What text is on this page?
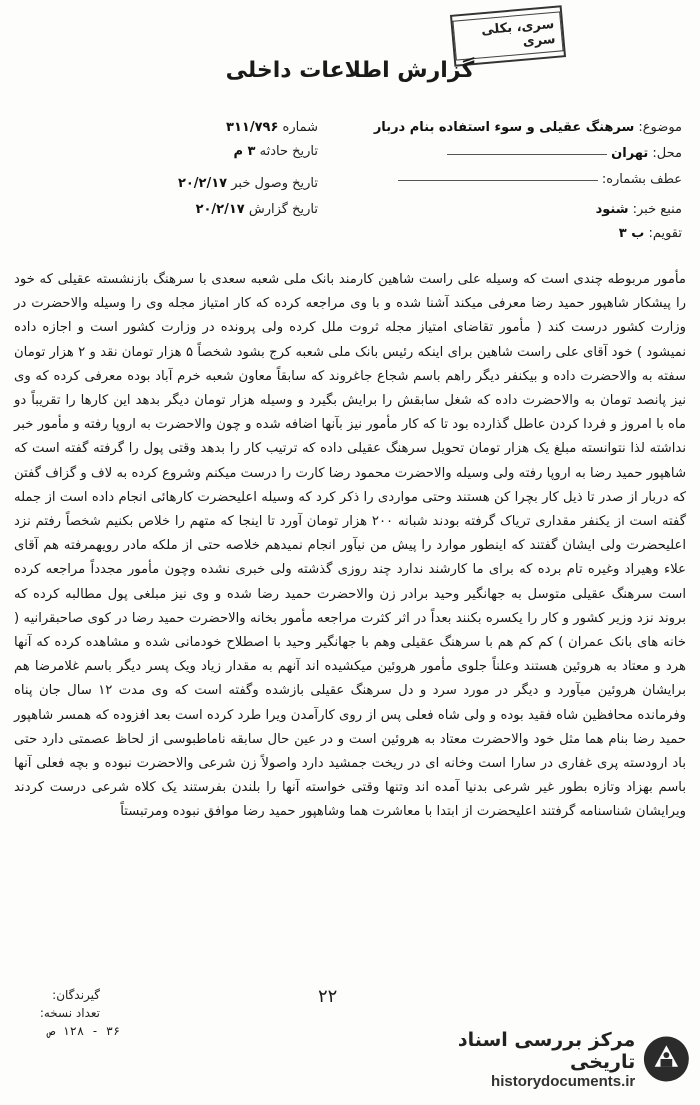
سری، بکلی سری
گزارش اطلاعات داخلی
موضوع: سرهنگ عقیلی و سوء استفاده بنام دربار
محل: تهران
عطف بشماره:
منبع خبر: شنود
تقویم: ب ۳
شماره ۳۱۱/۷۹۶
تاریخ حادثه ۳ م
تاریخ وصول خبر ۲۰/۲/۱۷
تاریخ گزارش ۲۰/۲/۱۷

مأمور مربوطه چندی است که وسیله علی راست شاهین کارمند بانک ملی شعبه سعدی با سرهنگ بازنشسته عقیلی که خود را پیشکار شاهپور حمید رضا معرفی میکند آشنا شده و با وی مراجعه کرده که کار امتیاز مجله وی را وسیله والاحضرت در وزارت کشور درست کند ( مأمور تقاضای امتیاز مجله ثروت ملل کرده ولی پرونده در وزارت کشور است و اجازه داده نمیشود ) خود آقای علی راست شاهین برای اینکه رئیس بانک ملی شعبه کرج بشود شخصاً ۵ هزار تومان نقد و ۲ هزار تومان سفته به والاحضرت داده و بیکنفر دیگر راهم باسم شجاع جاغروند که سابقاً معاون شعبه خرم آباد بوده معرفی کرده که وی نیز پانصد تومان به والاحضرت داده که شغل سابقش را برایش بگیرد و وسیله هزار تومان دیگر بدهد این کارها را تقریباً دو ماه با امروز و فردا کردن عاطل گذارده بود تا که کار مأمور نیز بآنها اضافه شده و چون والاحضرت به اروپا رفته و مأمور خبر نداشته لذا نتوانسته مبلغ یک هزار تومان تحویل سرهنگ عقیلی داده که ترتیب کار را بدهد وقتی پول را گرفته گفته است که شاهپور حمید رضا به اروپا رفته ولی وسیله والاحضرت محمود رضا کارت را درست میکنم وشروع کرده به لاف و گزاف گفتن که دربار از صدر تا ذیل کار بچرا کن هستند وحتی مواردی را ذکر کرد که وسیله اعلیحضرت کارهائی انجام داده است از جمله گفته است از یکنفر مقداری تریاک گرفته بودند شبانه ۲۰۰ هزار تومان آورد تا اینجا که متهم را خلاص بکنیم شخصاً رفتم نزد اعلیحضرت ولی ایشان گفتند که اینطور موارد را پیش من نیآور انجام نمیدهم خلاصه حتی از ملکه مادر رویهمرفته هم آقای علاء وهیراد وغیره تام برده که برای ما کارشند ندارد چند روزی گذشته ولی خبری نشده وچون مأمور مجدداً مراجعه کرده است سرهنگ عقیلی متوسل به جهانگیر وحید برادر زن والاحضرت حمید رضا شده و وی نیز مبلغی پول مطالبه کرده که بروند نزد وزیر کشور و کار را یکسره بکنند بعداً در اثر کثرت مراجعه مأمور بخانه والاحضرت حمید رضا در کوی صاحبقرانیه ( خانه های بانک عمران ) کم کم هم با سرهنگ عقیلی وهم با جهانگیر وحید با اصطلاح خودمانی شده و مشاهده کرده که آنها هرد و معتاد به هروئین هستند وعلناً جلوی مأمور هروئین میکشیده اند آنهم به مقدار زیاد ویک پسر دیگر باسم غلامرضا هم برایشان هروئین میآورد و دیگر در مورد سرد و دل سرهنگ عقیلی بازشده وگفته است که وی مدت ۱۲ سال جان پناه وفرمانده محافظین شاه فقید بوده و ولی شاه فعلی پس از روی کارآمدن ویرا طرد کرده است بعد افزوده که همسر شاهپور حمید رضا بنام هما مثل خود والاحضرت معتاد به هروئین است و در عین حال سابقه ناماطبوسی از لحاظ عصمتی دارد حتی باد ارودسته پری غفاری در سارا است وخانه ای در ریخت جمشید دارد واصولاً زن شرعی والاحضرت نبوده و بچه فعلی آنها باسم بهزاد وتازه بطور غیر شرعی بدنیا آمده اند وتنها وقتی خواسته آنها را بلندن بفرستند یک کلاه شرعی درست کردند ویرایشان شناسنامه گرفتند اعلیحضرت از ابتدا با معاشرت هما وشاهپور حمید رضا موافق نبوده ومرتبستاً

گیرندگان:
تعداد نسخه:
۲۲
۳۶ - ۱۲۸ ص	مرکز بررسی اسناد تاریخی
historydocuments.ir
